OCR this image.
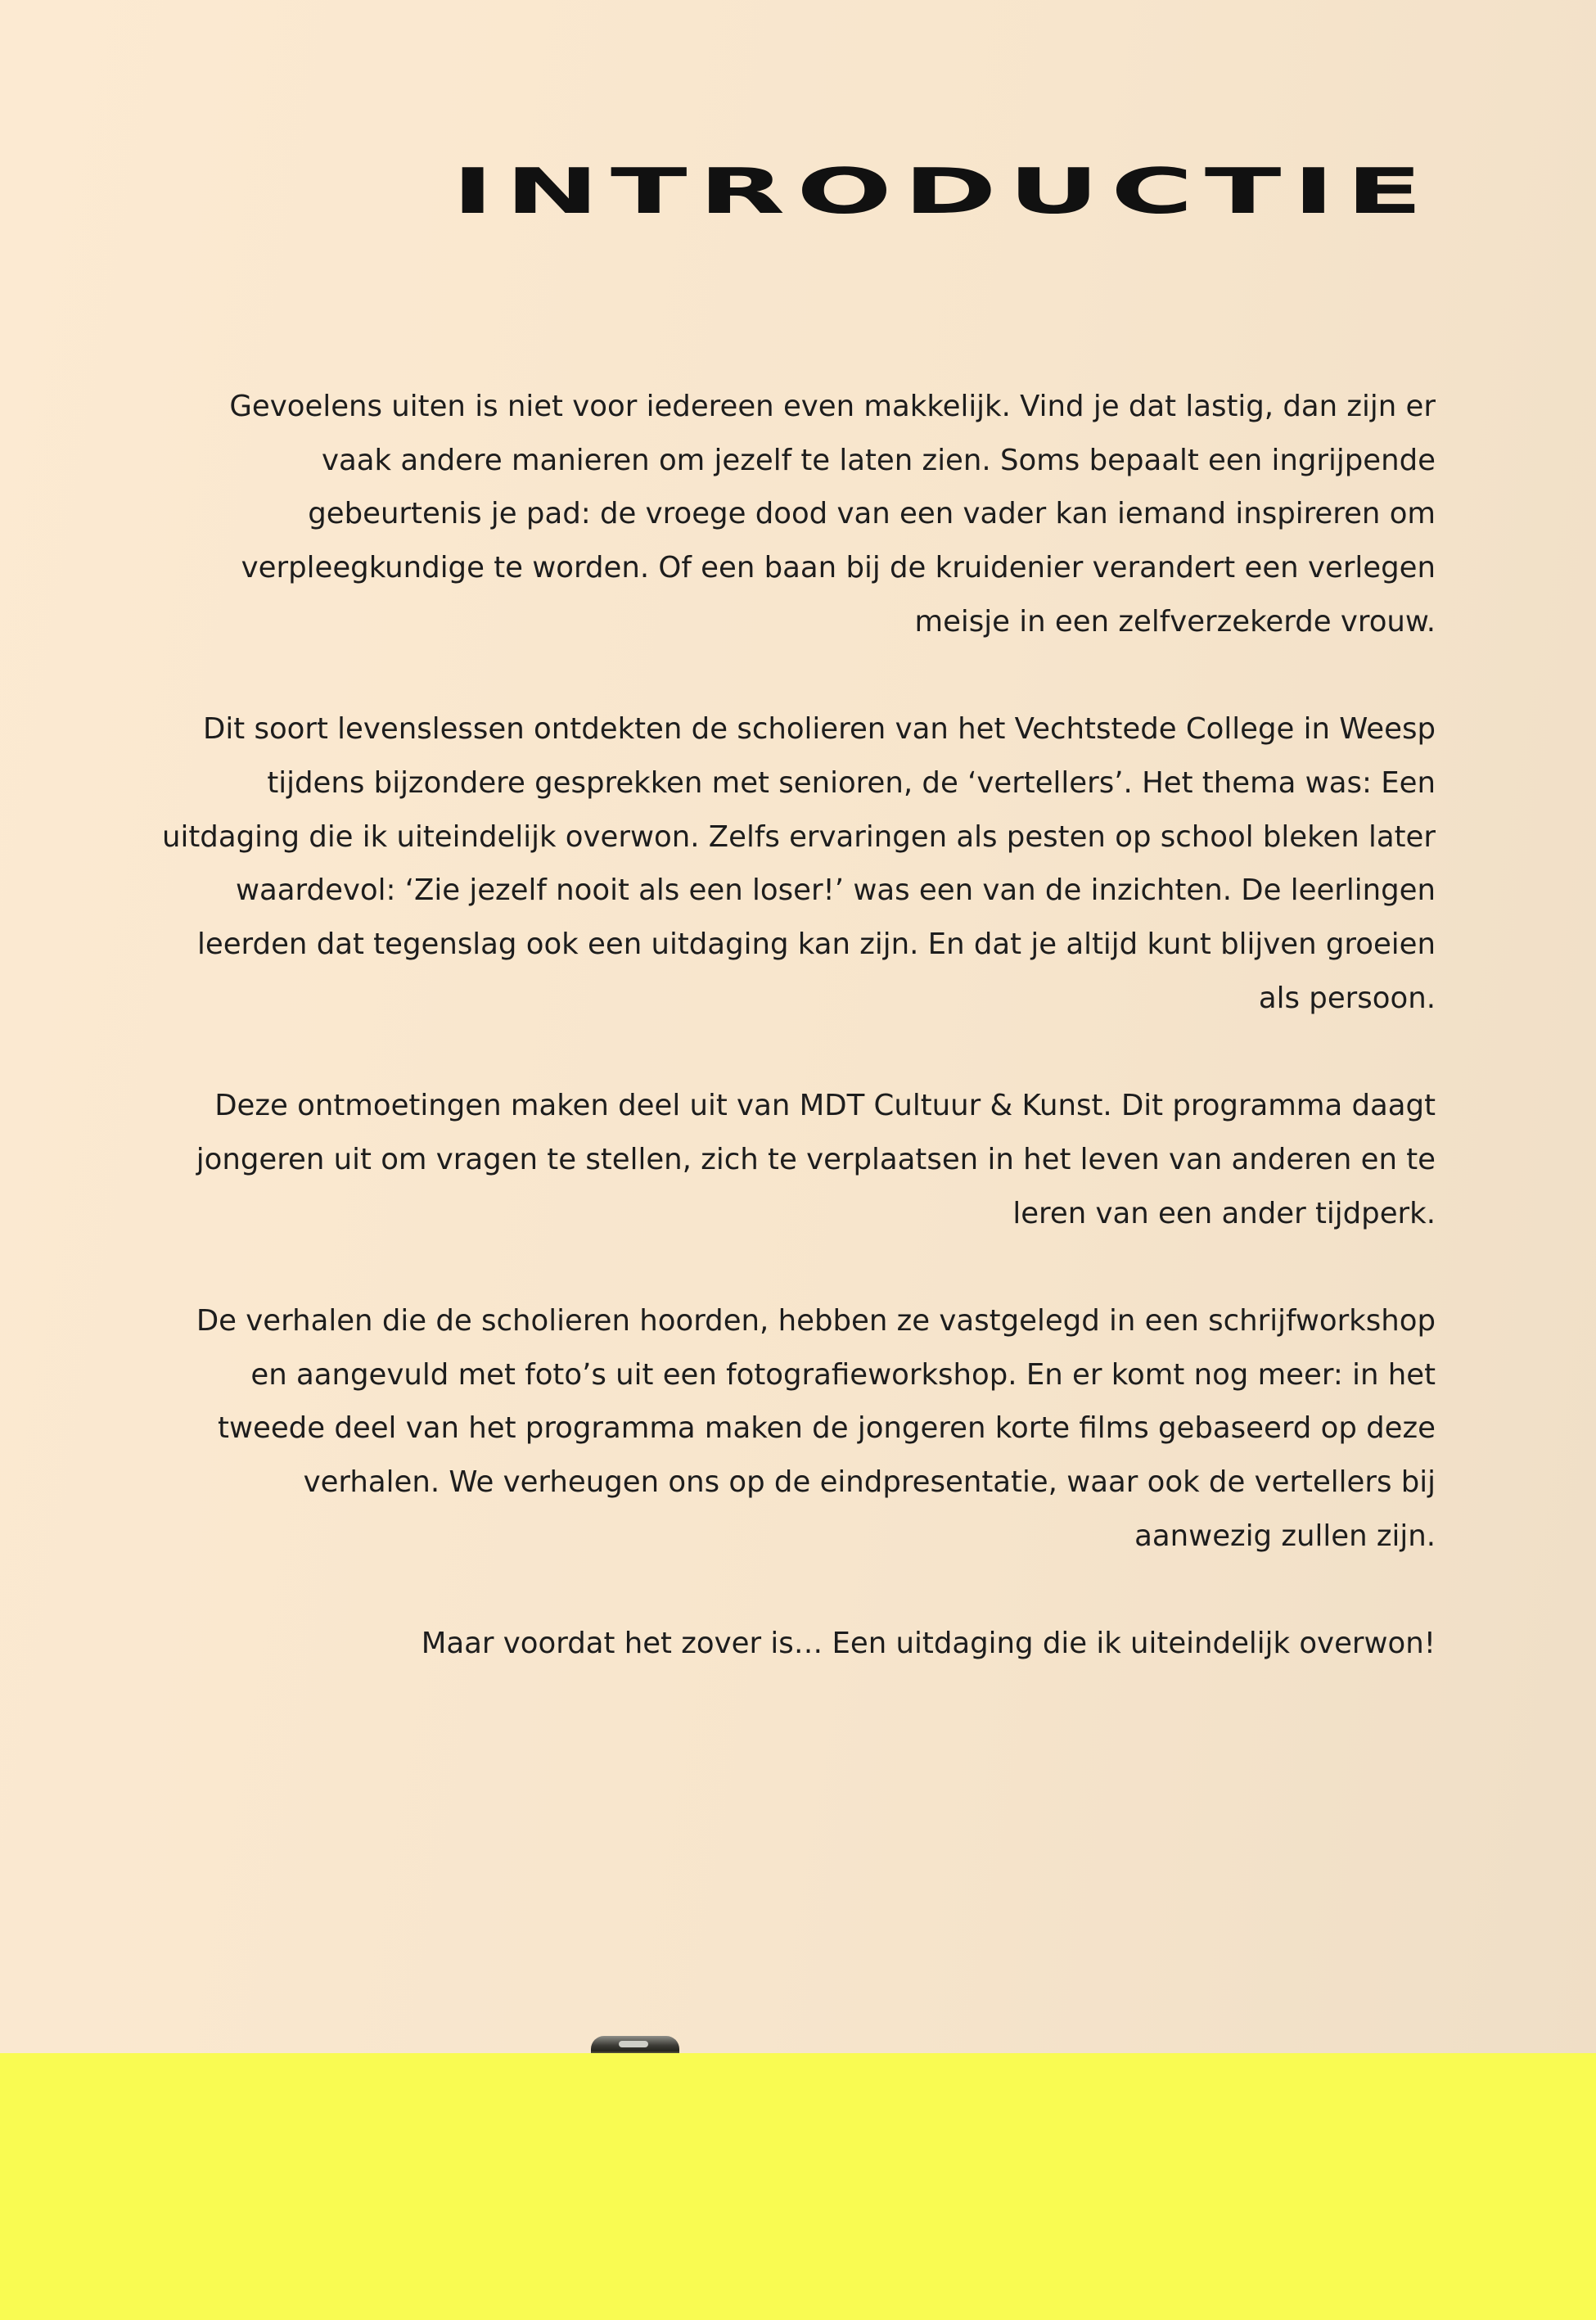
INTRODUCTIE

Gevoelens uiten is niet voor iedereen even makkelijk. Vind je dat lastig, dan zijn er vaak andere manieren om jezelf te laten zien. Soms bepaalt een ingrijpende gebeurtenis je pad: de vroege dood van een vader kan iemand inspireren om verpleegkundige te worden. Of een baan bij de kruidenier verandert een verlegen meisje in een zelfverzekerde vrouw.

Dit soort levenslessen ontdekten de scholieren van het Vechtstede College in Weesp tijdens bijzondere gesprekken met senioren, de ‘vertellers’. Het thema was: Een uitdaging die ik uiteindelijk overwon. Zelfs ervaringen als pesten op school bleken later waardevol: ‘Zie jezelf nooit als een loser!’ was een van de inzichten. De leerlingen leerden dat tegenslag ook een uitdaging kan zijn. En dat je altijd kunt blijven groeien als persoon.

Deze ontmoetingen maken deel uit van MDT Cultuur & Kunst. Dit programma daagt jongeren uit om vragen te stellen, zich te verplaatsen in het leven van anderen en te leren van een ander tijdperk.

De verhalen die de scholieren hoorden, hebben ze vastgelegd in een schrijfworkshop en aangevuld met foto’s uit een fotografieworkshop. En er komt nog meer: in het tweede deel van het programma maken de jongeren korte films gebaseerd op deze verhalen. We verheugen ons op de eindpresentatie, waar ook de vertellers bij aanwezig zullen zijn.

Maar voordat het zover is… Een uitdaging die ik uiteindelijk overwon!
